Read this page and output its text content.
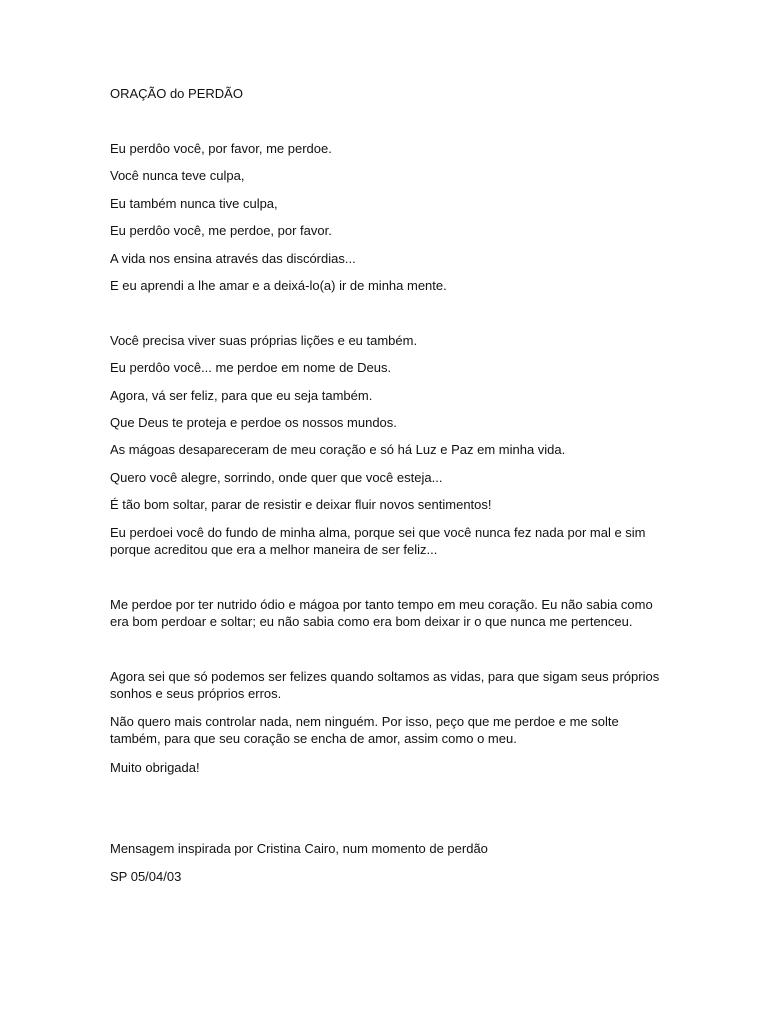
ORAÇÃO do PERDÃO

Eu perdôo você, por favor, me perdoe.

Você nunca teve culpa,

Eu também nunca tive culpa,

Eu perdôo você, me perdoe, por favor.

A vida nos ensina através das discórdias...

E eu aprendi a lhe amar e a deixá-lo(a) ir de minha mente.

Você precisa viver suas próprias lições e eu também.

Eu perdôo você... me perdoe em nome de Deus.

Agora, vá ser feliz, para que eu seja também.

Que Deus te proteja e perdoe os nossos mundos.

As mágoas desapareceram de meu coração e só há Luz e Paz em minha vida.

Quero você alegre, sorrindo, onde quer que você esteja...

É tão bom soltar, parar de resistir e deixar fluir novos sentimentos!

Eu perdoei você do fundo de minha alma, porque sei que você nunca fez nada por mal e sim

porque acreditou que era a melhor maneira de ser feliz...

Me perdoe por ter nutrido ódio e mágoa por tanto tempo em meu coração. Eu não sabia como

era bom perdoar e soltar; eu não sabia como era bom deixar ir o que nunca me pertenceu.

Agora sei que só podemos ser felizes quando soltamos as vidas, para que sigam seus próprios

sonhos e seus próprios erros.

Não quero mais controlar nada, nem ninguém. Por isso, peço que me perdoe e me solte

também, para que seu coração se encha de amor, assim como o meu.

Muito obrigada!

Mensagem inspirada por Cristina Cairo, num momento de perdão

SP 05/04/03
